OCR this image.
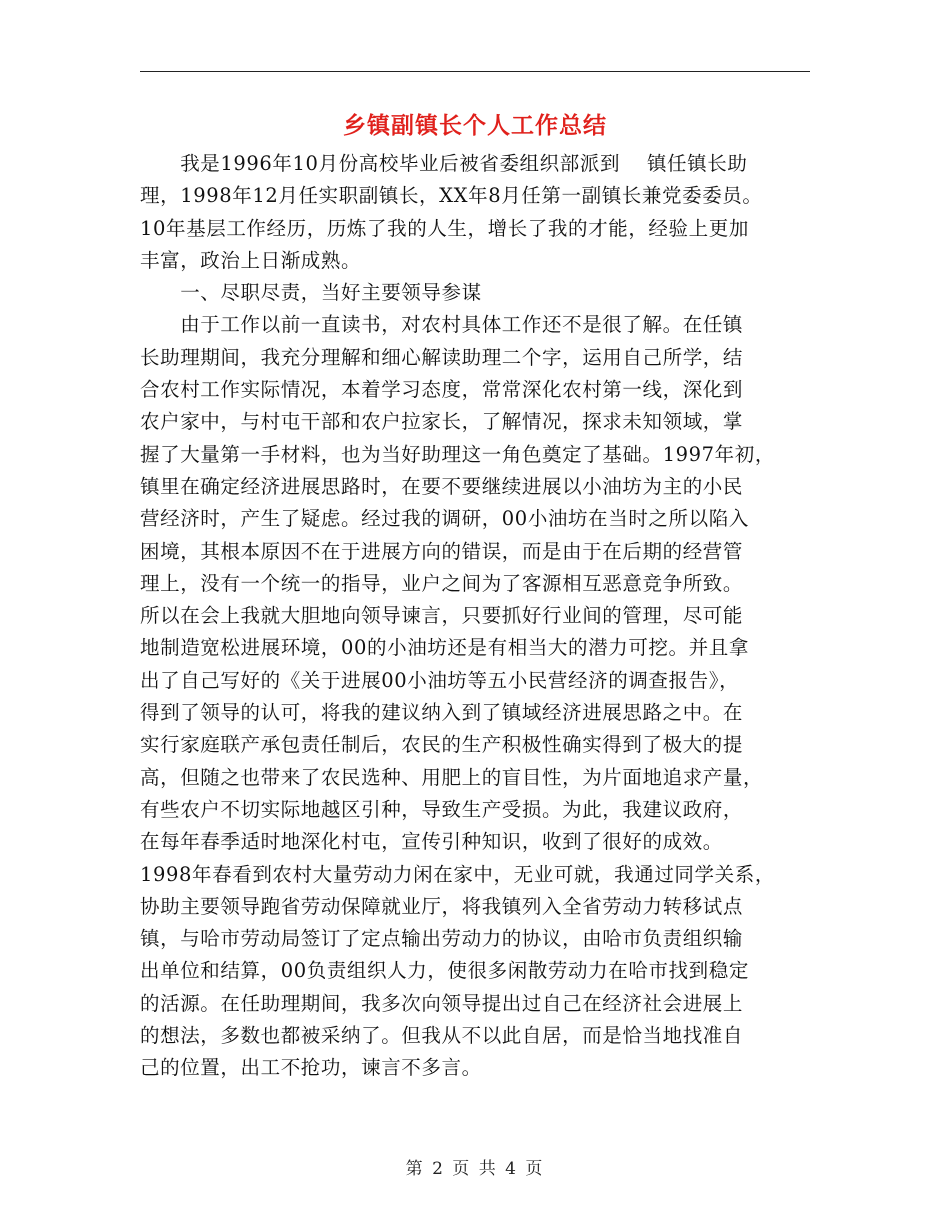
乡镇副镇长个人工作总结
　　我是1996年10月份高校毕业后被省委组织部派到　 镇任镇长助
理，1998年12月任实职副镇长，XX年8月任第一副镇长兼党委委员。
10年基层工作经历，历炼了我的人生，增长了我的才能，经验上更加
丰富，政治上日渐成熟。
　　一、尽职尽责，当好主要领导参谋
　　由于工作以前一直读书，对农村具体工作还不是很了解。在任镇
长助理期间，我充分理解和细心解读助理二个字，运用自己所学，结
合农村工作实际情况，本着学习态度，常常深化农村第一线，深化到
农户家中，与村屯干部和农户拉家长，了解情况，探求未知领域，掌
握了大量第一手材料，也为当好助理这一角色奠定了基础。1997年初，
镇里在确定经济进展思路时，在要不要继续进展以小油坊为主的小民
营经济时，产生了疑虑。经过我的调研，00小油坊在当时之所以陷入
困境，其根本原因不在于进展方向的错误，而是由于在后期的经营管
理上，没有一个统一的指导，业户之间为了客源相互恶意竞争所致。
所以在会上我就大胆地向领导谏言，只要抓好行业间的管理，尽可能
地制造宽松进展环境，00的小油坊还是有相当大的潜力可挖。并且拿
出了自己写好的《关于进展00小油坊等五小民营经济的调查报告》，
得到了领导的认可，将我的建议纳入到了镇域经济进展思路之中。在
实行家庭联产承包责任制后，农民的生产积极性确实得到了极大的提
高，但随之也带来了农民选种、用肥上的盲目性，为片面地追求产量，
有些农户不切实际地越区引种，导致生产受损。为此，我建议政府，
在每年春季适时地深化村屯，宣传引种知识，收到了很好的成效。
1998年春看到农村大量劳动力闲在家中，无业可就，我通过同学关系，
协助主要领导跑省劳动保障就业厅，将我镇列入全省劳动力转移试点
镇，与哈市劳动局签订了定点输出劳动力的协议，由哈市负责组织输
出单位和结算，00负责组织人力，使很多闲散劳动力在哈市找到稳定
的活源。在任助理期间，我多次向领导提出过自己在经济社会进展上
的想法，多数也都被采纳了。但我从不以此自居，而是恰当地找准自
己的位置，出工不抢功，谏言不多言。
第 2 页 共 4 页
